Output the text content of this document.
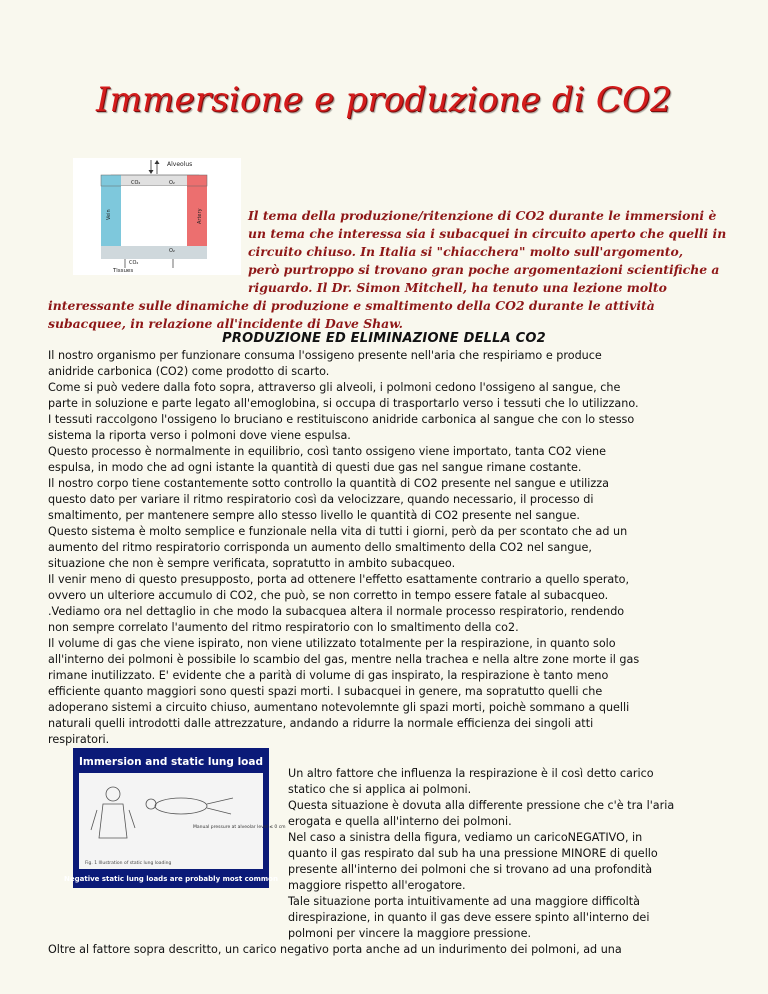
Immersione e produzione di CO2
Alveolus
CO₂	O₂
Vein	Artery
CO₂
O₂
Tissues

Il tema della produzione/ritenzione di CO2 durante le immersioni è
un tema che interessa sia i subacquei in circuito aperto che quelli in
circuito chiuso. In Italia si "chiacchera" molto sull'argomento,
però purtroppo si trovano gran poche argomentazioni scientifiche a
riguardo. Il Dr. Simon Mitchell, ha tenuto una lezione molto
interessante sulle dinamiche di produzione e smaltimento della CO2 durante le attività
subacquee, in relazione all'incidente di Dave Shaw.

PRODUZIONE ED ELIMINAZIONE DELLA CO2

Il nostro organismo per funzionare consuma l'ossigeno presente nell'aria che respiriamo e produce
anidride carbonica (CO2) come prodotto di scarto.
Come si può vedere dalla foto sopra, attraverso gli alveoli, i polmoni cedono l'ossigeno al sangue, che
parte in soluzione e parte legato all'emoglobina, si occupa di trasportarlo verso i tessuti che lo utilizzano.
I tessuti raccolgono l'ossigeno lo bruciano e restituiscono anidride carbonica al sangue che con lo stesso
sistema la riporta verso i polmoni dove viene espulsa.
Questo processo è normalmente in equilibrio, così tanto ossigeno viene importato, tanta CO2 viene
espulsa, in modo che ad ogni istante la quantità di questi due gas nel sangue rimane costante.
Il nostro corpo tiene costantemente sotto controllo la quantità di CO2 presente nel sangue e utilizza
questo dato per variare il ritmo respiratorio così da velocizzare, quando necessario, il processo di
smaltimento, per mantenere sempre allo stesso livello le quantità di CO2 presente nel sangue.
Questo sistema è molto semplice e funzionale nella vita di tutti i giorni, però da per scontato che ad un
aumento del ritmo respiratorio corrisponda un aumento dello smaltimento della CO2 nel sangue,
situazione che non è sempre verificata, sopratutto in ambito subacqueo.
Il venir meno di questo presupposto, porta ad ottenere l'effetto esattamente contrario a quello sperato,
ovvero un ulteriore accumulo di CO2, che può, se non corretto in tempo essere fatale al subacqueo.
.Vediamo ora nel dettaglio in che modo la subacquea altera il normale processo respiratorio, rendendo
non sempre correlato l'aumento del ritmo respiratorio con lo smaltimento della co2.
Il volume di gas che viene ispirato, non viene utilizzato totalmente per la respirazione, in quanto solo
all'interno dei polmoni è possibile lo scambio del gas, mentre nella trachea e nella altre zone morte il gas
rimane inutilizzato. E' evidente che a parità di volume di gas inspirato, la respirazione è tanto meno
efficiente quanto maggiori sono questi spazi morti. I subacquei in genere, ma sopratutto quelli che
adoperano sistemi a circuito chiuso, aumentano notevolemnte gli spazi morti, poichè sommano a quelli
naturali quelli introdotti dalle attrezzature, andando a ridurre la normale efficienza dei singoli atti
respiratori.

Immersion and static lung load
Manual pressure at alveolar level ≤ 0 cm
Fig. 1 Illustration of static lung loading
Negative static lung loads are probably most common

Un altro fattore che influenza la respirazione è il così detto carico
statico che si applica ai polmoni.
Questa situazione è dovuta alla differente pressione che c'è tra l'aria
erogata e quella all'interno dei polmoni.
Nel caso a sinistra della figura, vediamo un caricoNEGATIVO, in
quanto il gas respirato dal sub ha una pressione MINORE di quello
presente all'interno dei polmoni che si trovano ad una profondità
maggiore rispetto all'erogatore.
Tale situazione porta intuitivamente ad una maggiore difficoltà
direspirazione, in quanto il gas deve essere spinto all'interno dei
polmoni per vincere la maggiore pressione.
Oltre al fattore sopra descritto, un carico negativo porta anche ad un indurimento dei polmoni, ad una
